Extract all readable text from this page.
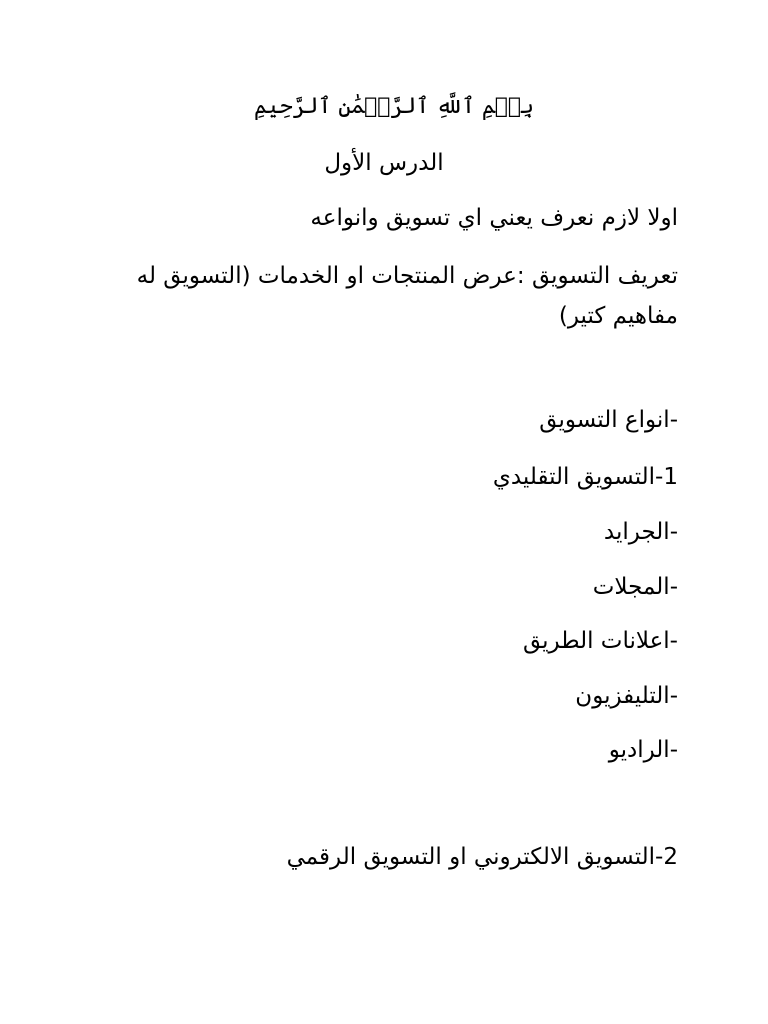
بِسۡمِ ٱللَّهِ ٱلرَّحۡمَٰنِ ٱلرَّحِيمِ
الدرس الأول
اولا لازم نعرف يعني اي تسويق وانواعه
تعريف التسويق :عرض المنتجات او الخدمات (التسويق له مفاهيم كتير)
-انواع التسويق
1-التسويق التقليدي
-الجرايد
-المجلات
-اعلانات الطريق
-التليفزيون
-الراديو
2-التسويق الالكتروني او التسويق الرقمي
